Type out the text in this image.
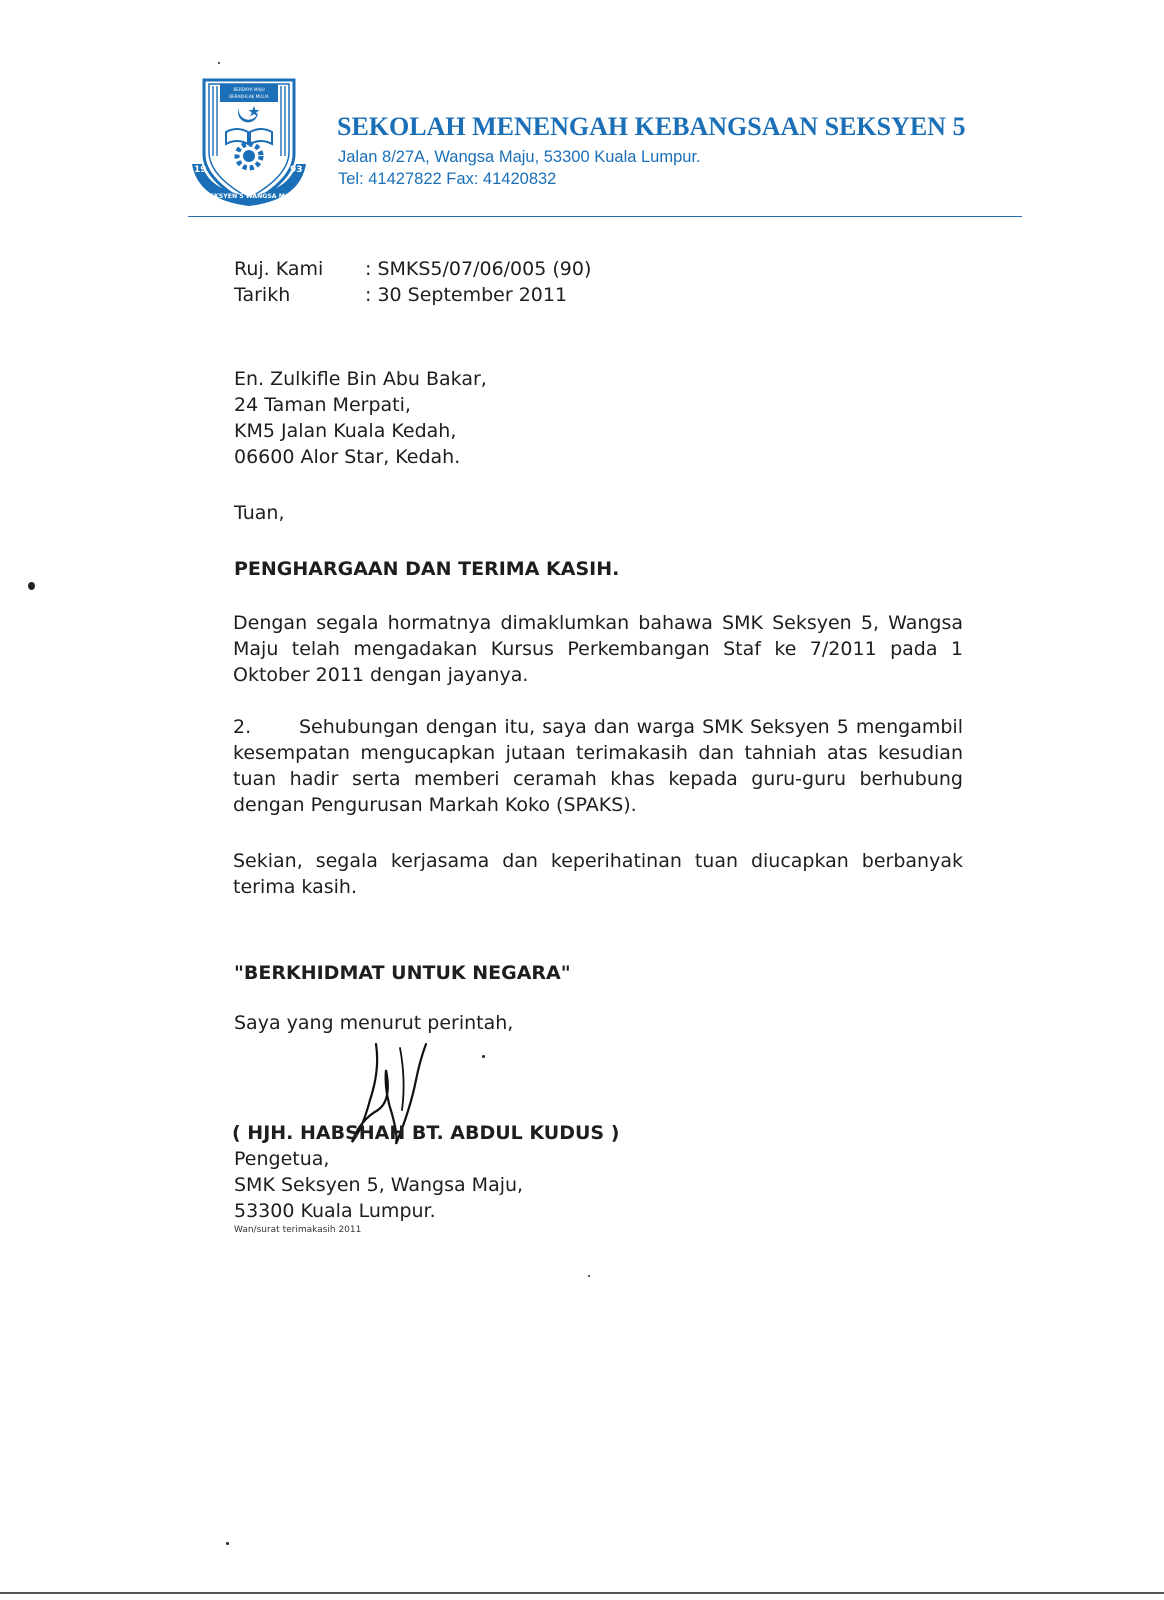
BERDAYA MAJU
BERAKHLAK MULIA
19	93
SMK SEKSYEN 5 WANGSA MAJU, KL
SEKOLAH MENENGAH KEBANGSAAN SEKSYEN 5
Jalan 8/27A, Wangsa Maju, 53300 Kuala Lumpur.
Tel: 41427822 Fax: 41420832
Ruj. Kami	: SMKS5/07/06/005 (90)
Tarikh	: 30 September 2011
En. Zulkifle Bin Abu Bakar,
24 Taman Merpati,
KM5 Jalan Kuala Kedah,
06600 Alor Star, Kedah.
Tuan,
PENGHARGAAN DAN TERIMA KASIH.
Dengan segala hormatnya dimaklumkan bahawa SMK Seksyen 5, Wangsa Maju telah mengadakan Kursus Perkembangan Staf ke 7/2011 pada 1 Oktober 2011 dengan jayanya.
2.	Sehubungan dengan itu, saya dan warga SMK Seksyen 5 mengambil kesempatan mengucapkan jutaan terimakasih dan tahniah atas kesudian tuan hadir serta memberi ceramah khas kepada guru-guru berhubung dengan Pengurusan Markah Koko (SPAKS).
Sekian, segala kerjasama dan keperihatinan tuan diucapkan berbanyak terima kasih.
"BERKHIDMAT UNTUK NEGARA"
Saya yang menurut perintah,
( HJH. HABSHAH BT. ABDUL KUDUS )
Pengetua,
SMK Seksyen 5, Wangsa Maju,
53300 Kuala Lumpur.
Wan/surat terimakasih 2011
